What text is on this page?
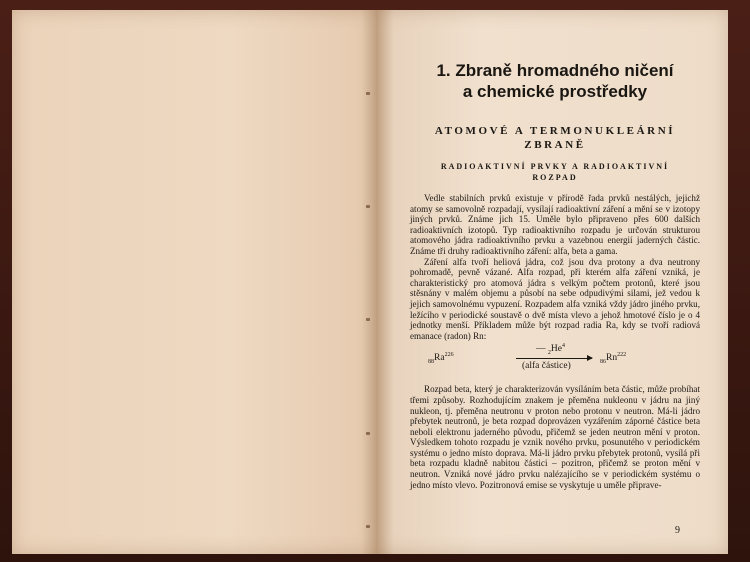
1. Zbraně hromadného ničení
a chemické prostředky
ATOMOVÉ A TERMONUKLEÁRNÍ
ZBRANĚ
RADIOAKTIVNÍ PRVKY A RADIOAKTIVNÍ
ROZPAD

Vedle stabilních prvků existuje v přírodě řada prvků nestálých, jejichž atomy se samovolně rozpadají, vysílají radioaktivní záření a mění se v izotopy jiných prvků. Známe jich 15. Uměle bylo připraveno přes 600 dalších radioaktivních izotopů. Typ radioaktivního rozpadu je určován strukturou atomového jádra radioaktivního prvku a vazebnou energií jaderných částic. Známe tři druhy radioaktivního záření: alfa, beta a gama.

Záření alfa tvoří heliová jádra, což jsou dva protony a dva neutrony pohromadě, pevně vázané. Alfa rozpad, při kterém alfa záření vzniká, je charakteristický pro atomová jádra s velkým počtem protonů, které jsou stěsnány v malém objemu a působí na sebe odpudivými silami, jež vedou k jejich samovolnému vypuzení. Rozpadem alfa vzniká vždy jádro jiného prvku, ležícího v periodické soustavě o dvě místa vlevo a jehož hmotové číslo je o 4 jednotky menší. Příkladem může být rozpad radia Ra, kdy se tvoří radiová emanace (radon) Rn:

$_{88}Ra^{226}$
— $_2He^4$
(alfa částice)	$_{86}Rn^{222}$

Rozpad beta, který je charakterizován vysíláním beta částic, může probíhat třemi způsoby. Rozhodujícím znakem je přeměna nukleonu v jádru na jiný nukleon, tj. přeměna neutronu v proton nebo protonu v neutron. Má-li jádro přebytek neutronů, je beta rozpad doprovázen vyzářením záporné částice beta neboli elektronu jaderného původu, přičemž se jeden neutron mění v proton. Výsledkem tohoto rozpadu je vznik nového prvku, posunutého v periodickém systému o jedno místo doprava. Má-li jádro prvku přebytek protonů, vysílá při beta rozpadu kladně nabitou částici – pozitron, přičemž se proton mění v neutron. Vzniká nové jádro prvku nalézajícího se v periodickém systému o jedno místo vlevo. Pozitronová emise se vyskytuje u uměle připrave-

9
